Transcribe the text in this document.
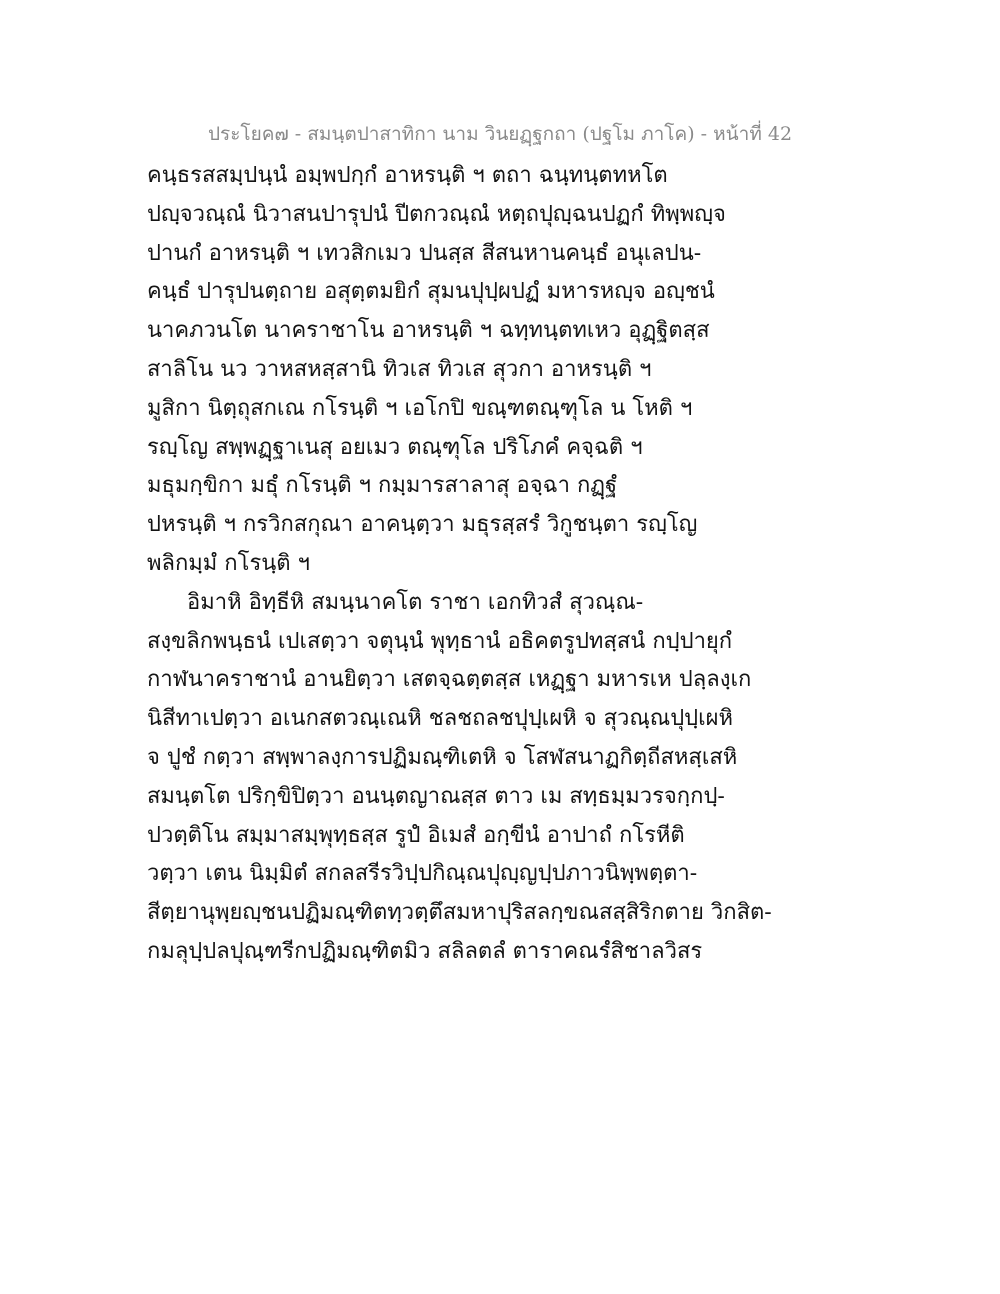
ประโยค๗ - สมนฺตปาสาทิกา นาม วินยฏฺฐกถา (ปฐโม ภาโค) - หน้าที่ 42
คนฺธรสสมฺปนฺนํ อมฺพปกฺกํ อาหรนฺติ ฯ ตถา ฉนฺทนฺตทหโต
ปญฺจวณฺณํ นิวาสนปารุปนํ ปีตกวณฺณํ หตฺถปุญฺฉนปฏกํ ทิพฺพญฺจ
ปานกํ อาหรนฺติ ฯ เทวสิกเมว ปนสฺส สีสนหานคนฺธํ อนุเลปน-
คนฺธํ ปารุปนตฺถาย อสุตฺตมยิกํ สุมนปุปฺผปฏํ มหารหญฺจ อญฺชนํ
นาคภวนโต นาคราชาโน อาหรนฺติ ฯ ฉทฺทนฺตทเหว อุฏฺฐิตสฺส
สาลิโน นว วาหสหสฺสานิ ทิวเส ทิวเส สุวกา อาหรนฺติ ฯ
มูสิกา นิตฺถุสกเณ กโรนฺติ ฯ เอโกปิ ขณฺฑตณฺฑุโล น โหติ ฯ
รญฺโญ สพฺพฏฺฐาเนสุ อยเมว ตณฺฑุโล ปริโภคํ คจฺฉติ ฯ
มธุมกฺขิกา มธุํ กโรนฺติ ฯ กมฺมารสาลาสุ อจฺฉา กฏฺฐํ
ปหรนฺติ ฯ กรวิกสกุณา อาคนฺตฺวา มธุรสฺสรํ วิกูชนฺตา รญฺโญ
พลิกมฺมํ กโรนฺติ ฯ
อิมาหิ อิทฺธีหิ สมนฺนาคโต ราชา เอกทิวสํ สุวณฺณ-
สงฺขลิกพนฺธนํ เปเสตฺวา จตุนฺนํ พุทฺธานํ อธิคตรูปทสฺสนํ กปฺปายุกํ
กาฬนาคราชานํ อานยิตฺวา เสตจฺฉตฺตสฺส เหฏฺฐา มหารเห ปลฺลงฺเก
นิสีทาเปตฺวา อเนกสตวณฺเณหิ ชลชถลชปุปฺเผหิ จ สุวณฺณปุปฺเผหิ
จ ปูชํ กตฺวา สพฺพาลงฺการปฏิมณฺฑิเตหิ จ โสฬสนาฏกิตฺถีสหสฺเสหิ
สมนฺตโต ปริกฺขิปิตฺวา อนนฺตญาณสฺส ตาว เม สทฺธมฺมวรจกฺกปฺ-
ปวตฺติโน สมฺมาสมฺพุทฺธสฺส รูปํ อิเมสํ อกฺขีนํ อาปาถํ กโรหีติ
วตฺวา เตน นิมฺมิตํ สกลสรีรวิปฺปกิณฺณปุญฺญปฺปภาวนิพฺพตฺตา-
สีตฺยานุพฺยญฺชนปฏิมณฺฑิตทฺวตฺตึสมหาปุริสลกฺขณสสฺสิริกตาย วิกสิต-
กมลุปฺปลปุณฺฑรีกปฏิมณฺฑิตมิว สลิลตลํ ตาราคณรํสิชาลวิสร
